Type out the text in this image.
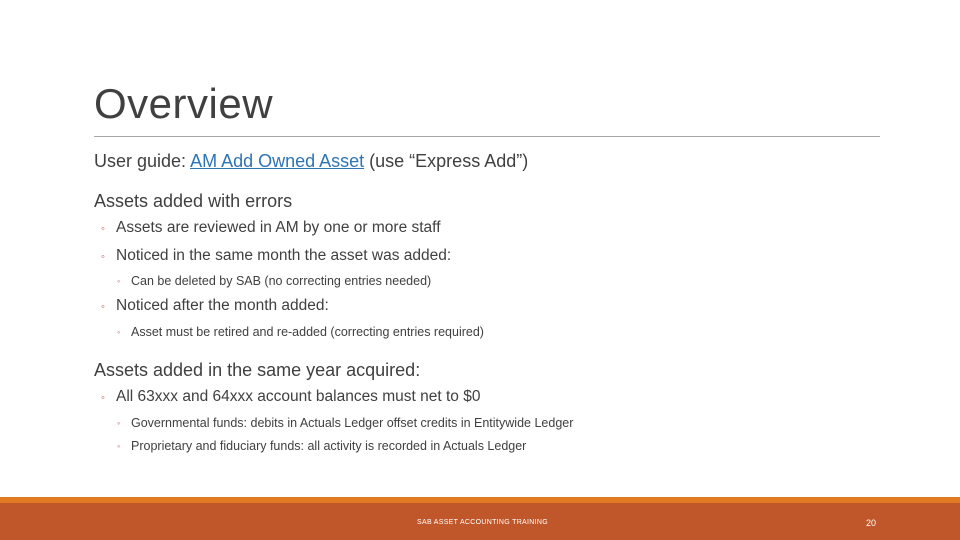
Overview
User guide: AM Add Owned Asset (use “Express Add”)
Assets added with errors
◦ Assets are reviewed in AM by one or more staff
◦ Noticed in the same month the asset was added:
◦ Can be deleted by SAB (no correcting entries needed)
◦ Noticed after the month added:
◦ Asset must be retired and re-added (correcting entries required)
Assets added in the same year acquired:
◦ All 63xxx and 64xxx account balances must net to $0
◦ Governmental funds: debits in Actuals Ledger offset credits in Entitywide Ledger
◦ Proprietary and fiduciary funds: all activity is recorded in Actuals Ledger
SAB ASSET ACCOUNTING TRAINING	20
